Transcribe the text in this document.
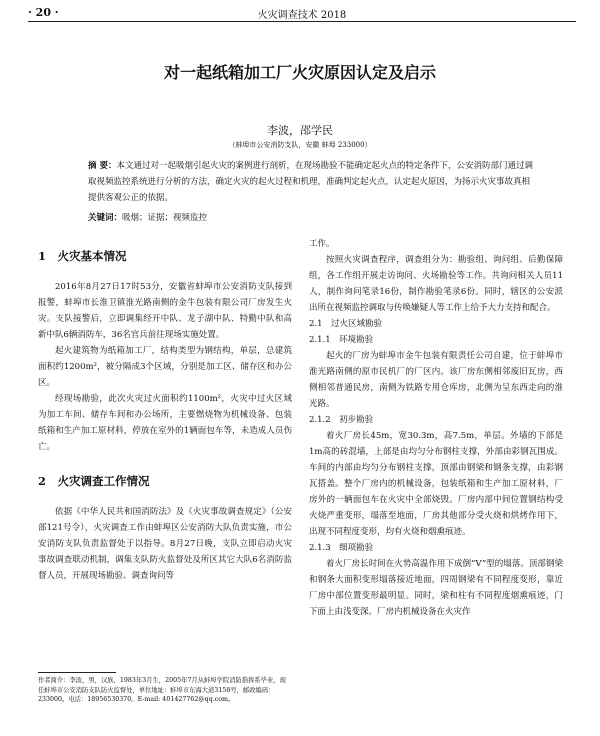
· 20 ·	火灾调查技术 2018
对一起纸箱加工厂火灾原因认定及启示
李波，邵学民
（蚌埠市公安消防支队，安徽 蚌埠 233000）
摘 要：本文通过对一起吸烟引起火灾的案例进行剖析，在现场勘验不能确定起火点的特定条件下，公安消防部门通过调取视频监控系统进行分析的方法，确定火灾的起火过程和机理，准确判定起火点，认定起火原因，为扬示火灾事故真相提供客观公正的依据。
关键词：吸烟；证据；视频监控
1　火灾基本情况

2016年8月27日17时53分，安徽省蚌埠市公安消防支队接到报警，蚌埠市长淮卫镇淮光路南侧的金牛包装有限公司厂房发生火灾。支队接警后，立即调集经开中队、龙子湖中队、特勤中队和高新中队6辆消防车，36名官兵前往现场实施处置。

起火建筑物为纸箱加工厂，结构类型为钢结构，单层，总建筑面积约1200m²，被分隔成3个区域，分别是加工区、储存区和办公区。

经现场勘验，此次火灾过火面积约1100m²，火灾中过火区域为加工车间、储存车间和办公场所，主要燃烧物为机械设备、包装纸箱和生产加工原材料，停放在室外的1辆面包车等，未造成人员伤亡。

2　火灾调查工作情况

依据《中华人民共和国消防法》及《火灾事故调查规定》（公安部121号令），火灾调查工作由蚌埠区公安消防大队负责实施，市公安消防支队负责监督处于以指导。8月27日晚，支队立即启动火灾事故调查联动机制，调集支队防火监督处及所区其它大队6名消防监督人员，开展现场勘验、调查询问等

工作。

按照火灾调查程序，调查组分为：勘验组、询问组、后勤保障组，各工作组开展走访询问、火场勘验等工作。共询问相关人员11人，制作询问笔录16份，制作勘验笔录6份。同时，辖区的公安派出所在视频监控调取与传唤嫌疑人等工作上给予大力支持和配合。

2.1　过火区域勘验

2.1.1　环境勘验

起火的厂房为蚌埠市金牛包装有限责任公司自建，位于蚌埠市淮光路南侧的原市民机厂的厂区内。该厂房东侧相邻废旧瓦房，西侧相邻普通民房，南侧为铁路专用仓库房，北侧为呈东西走向的淮光路。

2.1.2　初步勘验

着火厂房长45m，宽30.3m，高7.5m，单层。外墙的下部是1m高的砖混墙，上部是由均匀分布钢柱支撑，外部由彩钢瓦围成。车间的内部由均匀分布钢柱支撑，顶部由钢梁和钢条支撑，由彩钢瓦搭盖。整个厂房内的机械设备，包装纸箱和生产加工原材料，厂房外的一辆面包车在火灾中全部烧毁。厂房内部中间位置钢结构受火烧严重变形，塌落至地面，厂房其他部分受火烧和烘烤作用下，出现不同程度变形，均有火烧和烟熏痕迹。

2.1.3　细项勘验

着火厂房长时间在火势高温作用下成倒“V”型的塌落。顶部钢梁和钢条大面积变形塌落接近地面，四周钢梁有不同程度变形，靠近厂房中部位置变形最明显。同时，梁和柱有不同程度烟熏痕迹，门下面上由浅变深。厂房内机械设备在火灾作

作者简介：李波，男，汉族，1983年3月生，2005年7月从蚌埠学院消防指挥系毕业，现任蚌埠市公安消防支队防火监督处，单位地址：蚌埠市东海大道3158号，邮政编码：233000。电话：18956530370。E-mail: 401427762@qq.com。
